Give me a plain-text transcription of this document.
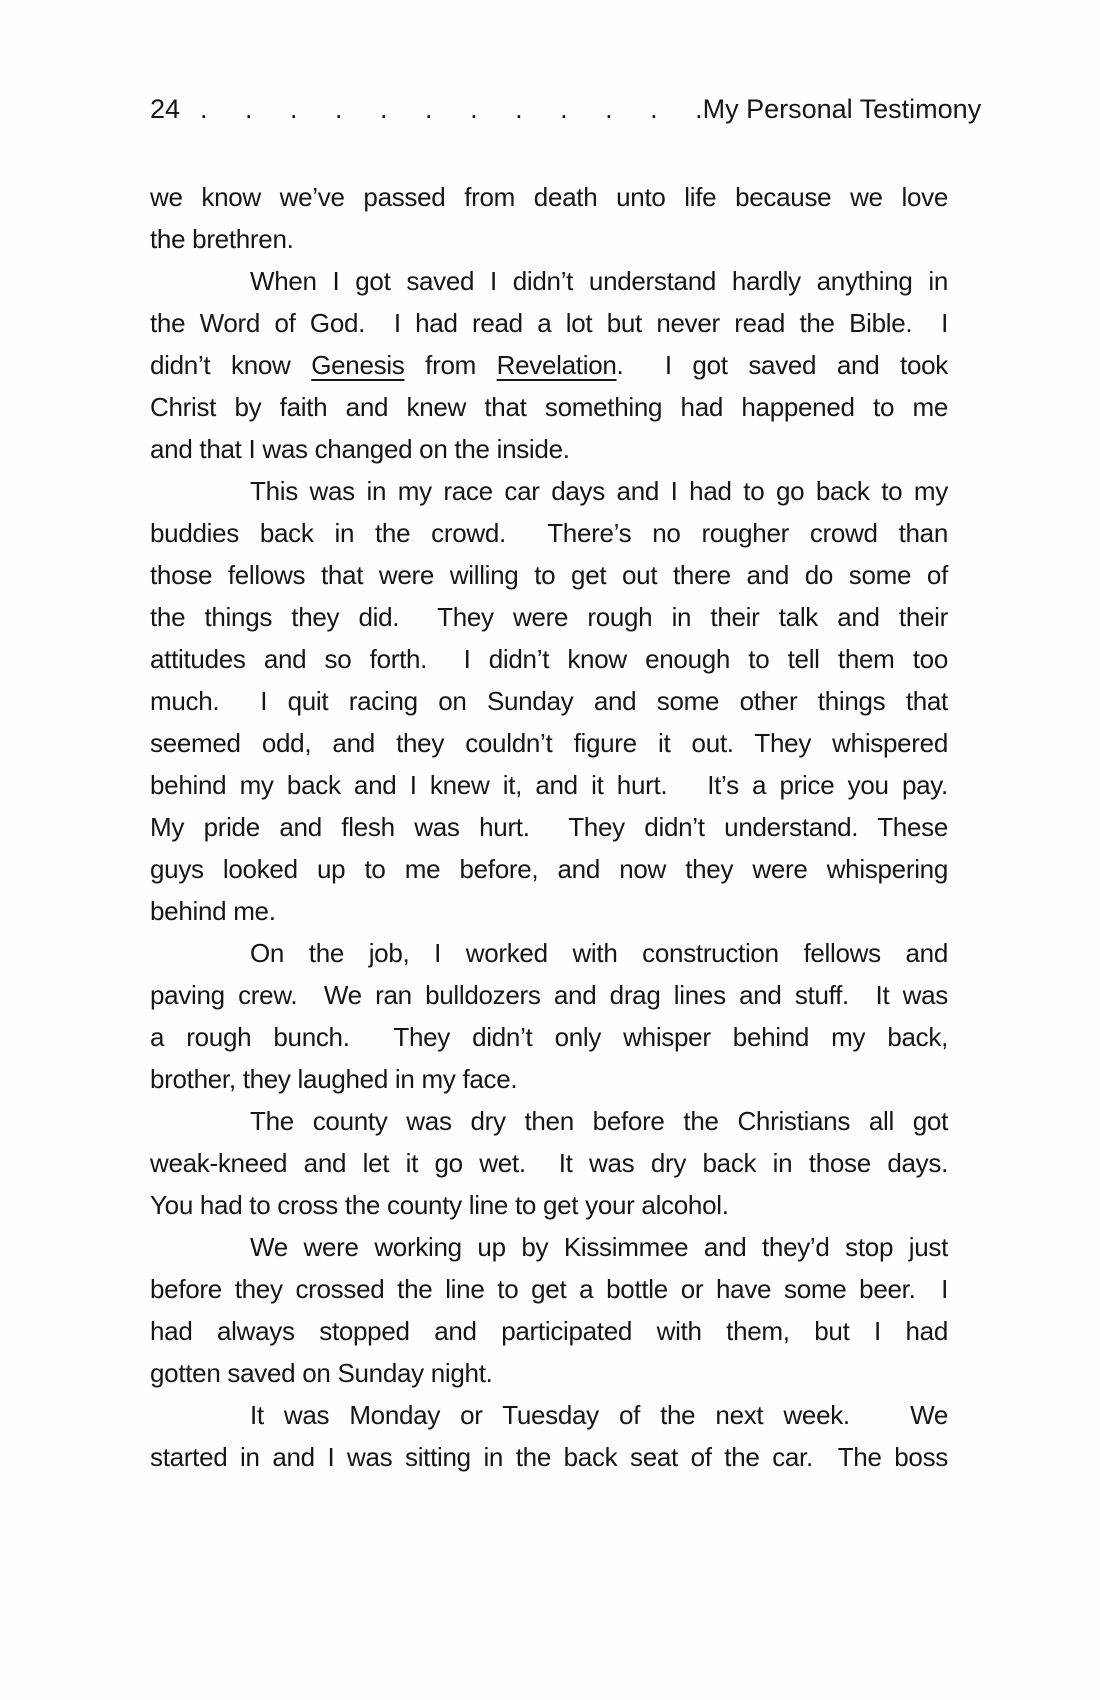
24 . . . . . . . . . . . . My Personal Testimony
we know we’ve passed from death unto life because we love
the brethren.
When I got saved I didn’t understand hardly anything in
the Word of God.  I had read a lot but never read the Bible.  I
didn’t know Genesis from Revelation.  I got saved and took
Christ by faith and knew that something had happened to me
and that I was changed on the inside.
This was in my race car days and I had to go back to my
buddies back in the crowd.  There’s no rougher crowd than
those fellows that were willing to get out there and do some of
the things they did.  They were rough in their talk and their
attitudes and so forth.  I didn’t know enough to tell them too
much.  I quit racing on Sunday and some other things that
seemed odd, and they couldn’t figure it out. They whispered
behind my back and I knew it, and it hurt.   It’s a price you pay.
My pride and flesh was hurt.  They didn’t understand. These
guys looked up to me before, and now they were whispering
behind me.
On the job, I worked with construction fellows and
paving crew.  We ran bulldozers and drag lines and stuff.  It was
a rough bunch.  They didn’t only whisper behind my back,
brother, they laughed in my face.
The county was dry then before the Christians all got
weak-kneed and let it go wet.  It was dry back in those days.
You had to cross the county line to get your alcohol.
We were working up by Kissimmee and they’d stop just
before they crossed the line to get a bottle or have some beer.  I
had always stopped and participated with them, but I had
gotten saved on Sunday night.
It was Monday or Tuesday of the next week.   We
started in and I was sitting in the back seat of the car.  The boss
